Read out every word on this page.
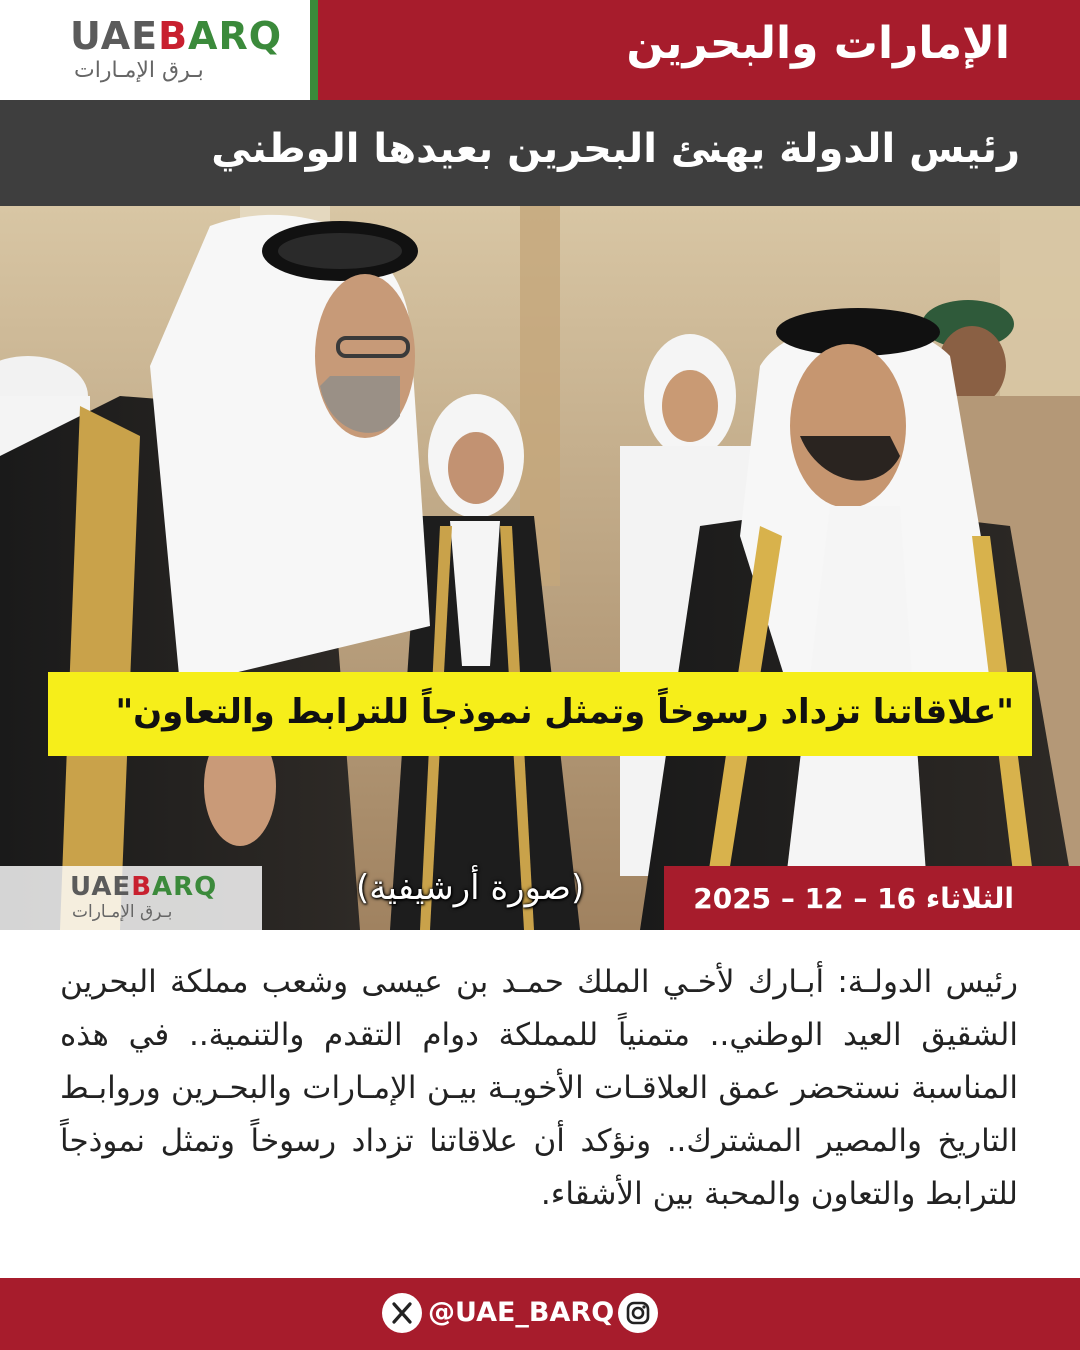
UAEBARQ
بـرق الإمـارات
الإمارات والبحرين
رئيس الدولة يهنئ البحرين بعيدها الوطني
"علاقاتنا تزداد رسوخاً وتمثل نموذجاً للترابط والتعاون"
UAEBARQ
بـرق الإمـارات
(صورة أرشيفية)	الثلاثاء 16 – 12 – 2025
رئيس الدولـة: أبـارك لأخـي الملك حمـد بن عيسى وشعب مملكة البحرين الشقيق العيد الوطني.. متمنياً للمملكة دوام التقدم والتنمية.. في هذه المناسبة نستحضر عمق العلاقـات الأخويـة بيـن الإمـارات والبحـرين وروابـط التاريخ والمصير المشترك.. ونؤكد أن علاقاتنا تزداد رسوخاً وتمثل نموذجاً للترابط والتعاون والمحبة بين الأشقاء.
@UAE_BARQ
